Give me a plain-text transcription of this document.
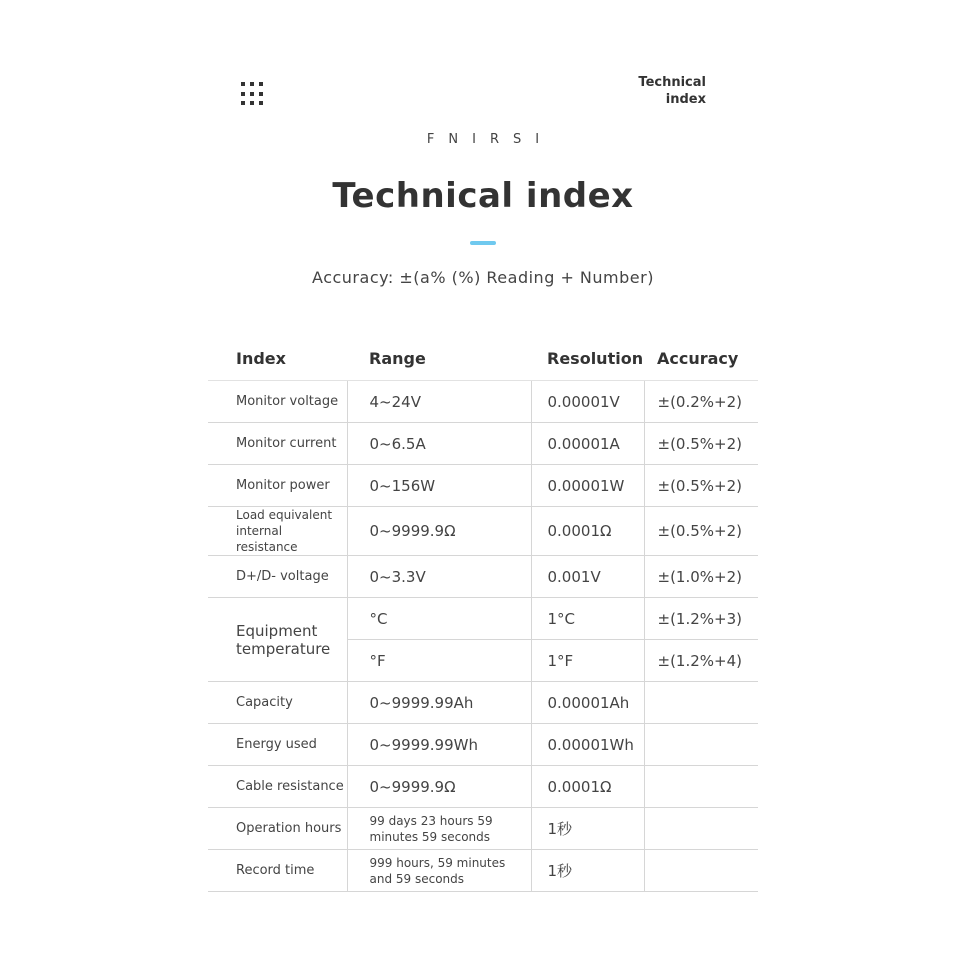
Technical
index
FNIRSI
Technical index
Accuracy: ±(a% (%) Reading + Number)
Index	Range	Resolution	Accuracy
Monitor voltage	4~24V	0.00001V	±(0.2%+2)
Monitor current	0~6.5A	0.00001A	±(0.5%+2)
Monitor power	0~156W	0.00001W	±(0.5%+2)
Load equivalent internal resistance	0~9999.9Ω	0.0001Ω	±(0.5%+2)
D+/D- voltage	0~3.3V	0.001V	±(1.0%+2)
Equipment temperature	°C	1°C	±(1.2%+3)
	°F	1°F	±(1.2%+4)
Capacity	0~9999.99Ah	0.00001Ah	
Energy used	0~9999.99Wh	0.00001Wh	
Cable resistance	0~9999.9Ω	0.0001Ω	
Operation hours	99 days 23 hours 59 minutes 59 seconds	1秒	
Record time	999 hours, 59 minutes and 59 seconds	1秒	
